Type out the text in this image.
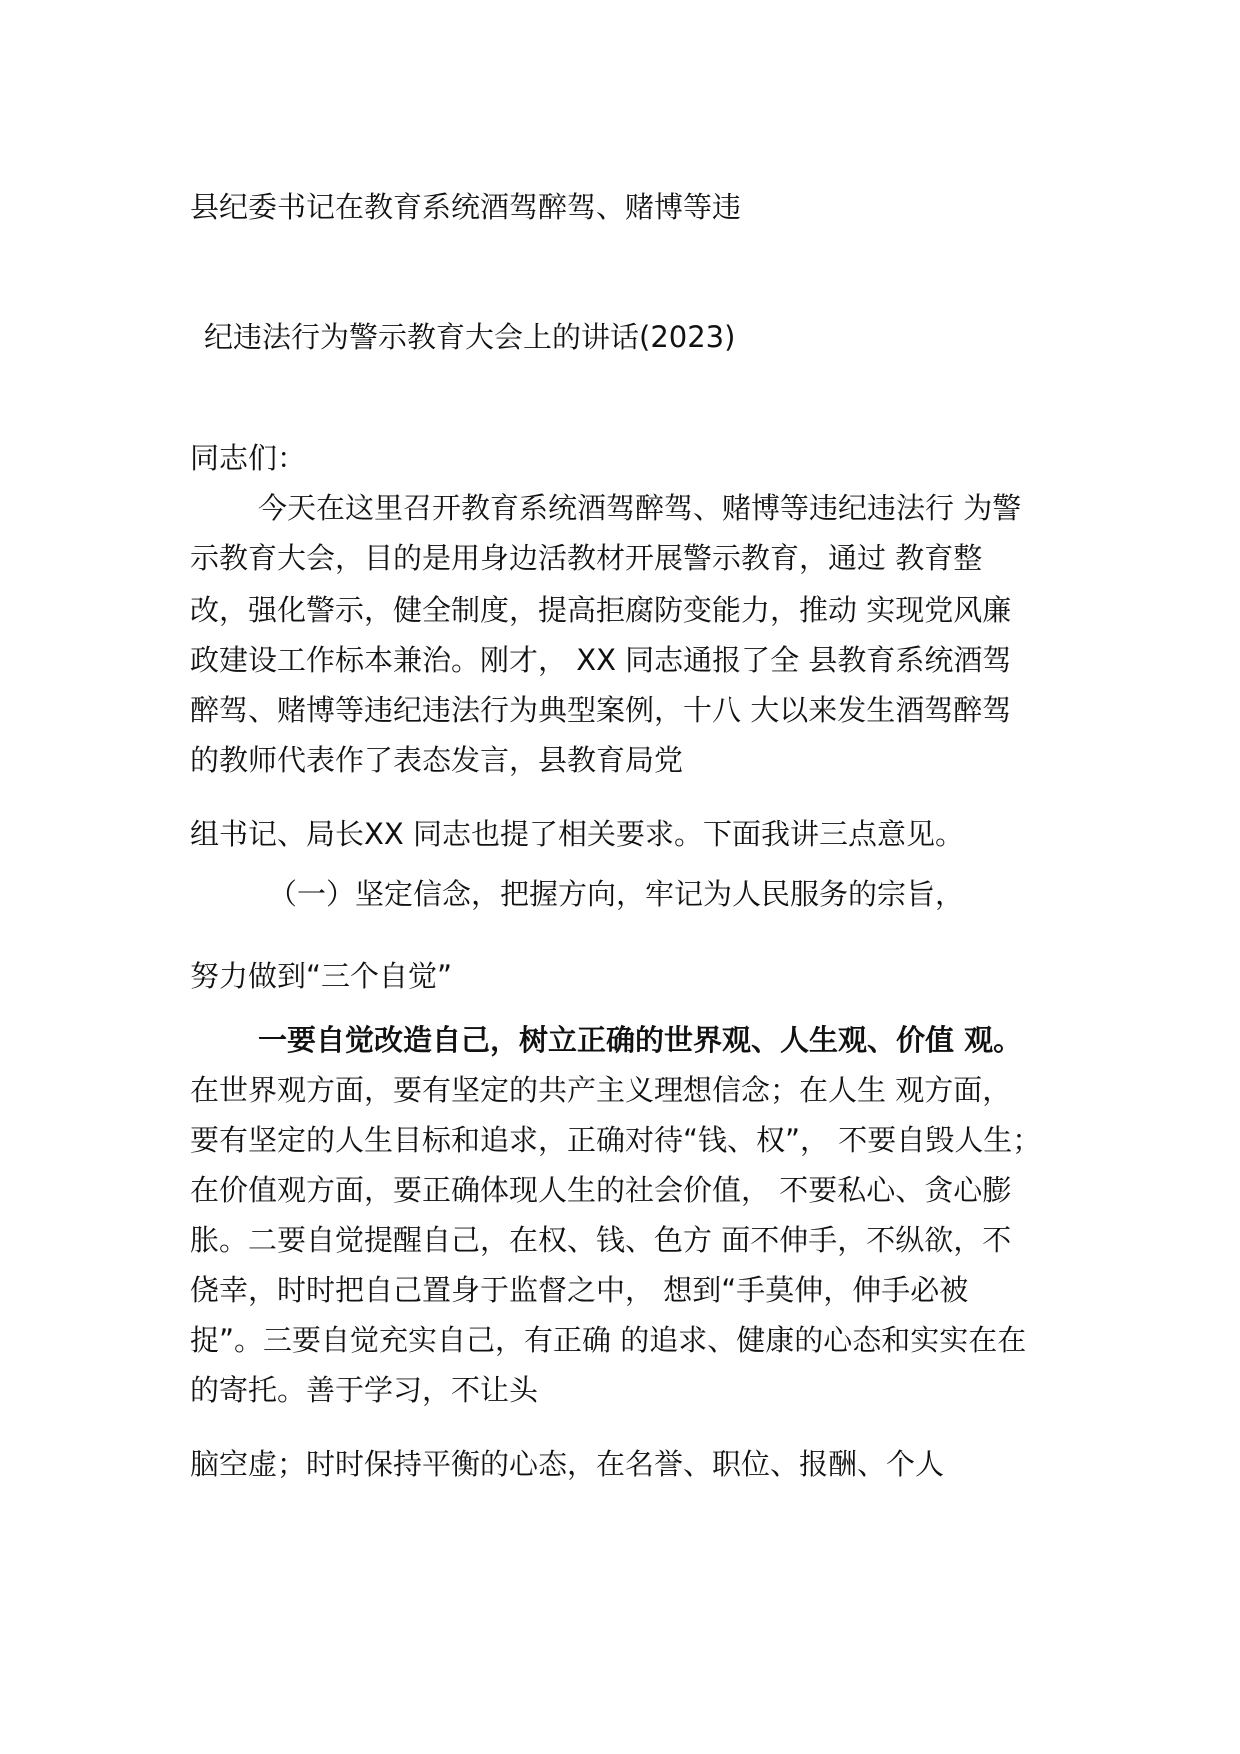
县纪委书记在教育系统酒驾醉驾、赌博等违
纪违法行为警示教育大会上的讲话(2023)
同志们：
今天在这里召开教育系统酒驾醉驾、赌博等违纪违法行 为警
示教育大会，目的是用身边活教材开展警示教育，通过 教育整
改，强化警示，健全制度，提高拒腐防变能力，推动 实现党风廉
政建设工作标本兼治。刚才， XX 同志通报了全 县教育系统酒驾
醉驾、赌博等违纪违法行为典型案例，十八 大以来发生酒驾醉驾
的教师代表作了表态发言，县教育局党
组书记、局长XX 同志也提了相关要求。下面我讲三点意见。
（一）坚定信念，把握方向，牢记为人民服务的宗旨，
努力做到“三个自觉”
一要自觉改造自己，树立正确的世界观、人生观、价值 观。
在世界观方面，要有坚定的共产主义理想信念；在人生 观方面，
要有坚定的人生目标和追求，正确对待“钱、权”， 不要自毁人生；
在价值观方面，要正确体现人生的社会价值， 不要私心、贪心膨
胀。二要自觉提醒自己，在权、钱、色方 面不伸手，不纵欲，不
侥幸，时时把自己置身于监督之中， 想到“手莫伸，伸手必被
捉”。三要自觉充实自己，有正确 的追求、健康的心态和实实在在
的寄托。善于学习，不让头
脑空虚；时时保持平衡的心态，在名誉、职位、报酬、个人
